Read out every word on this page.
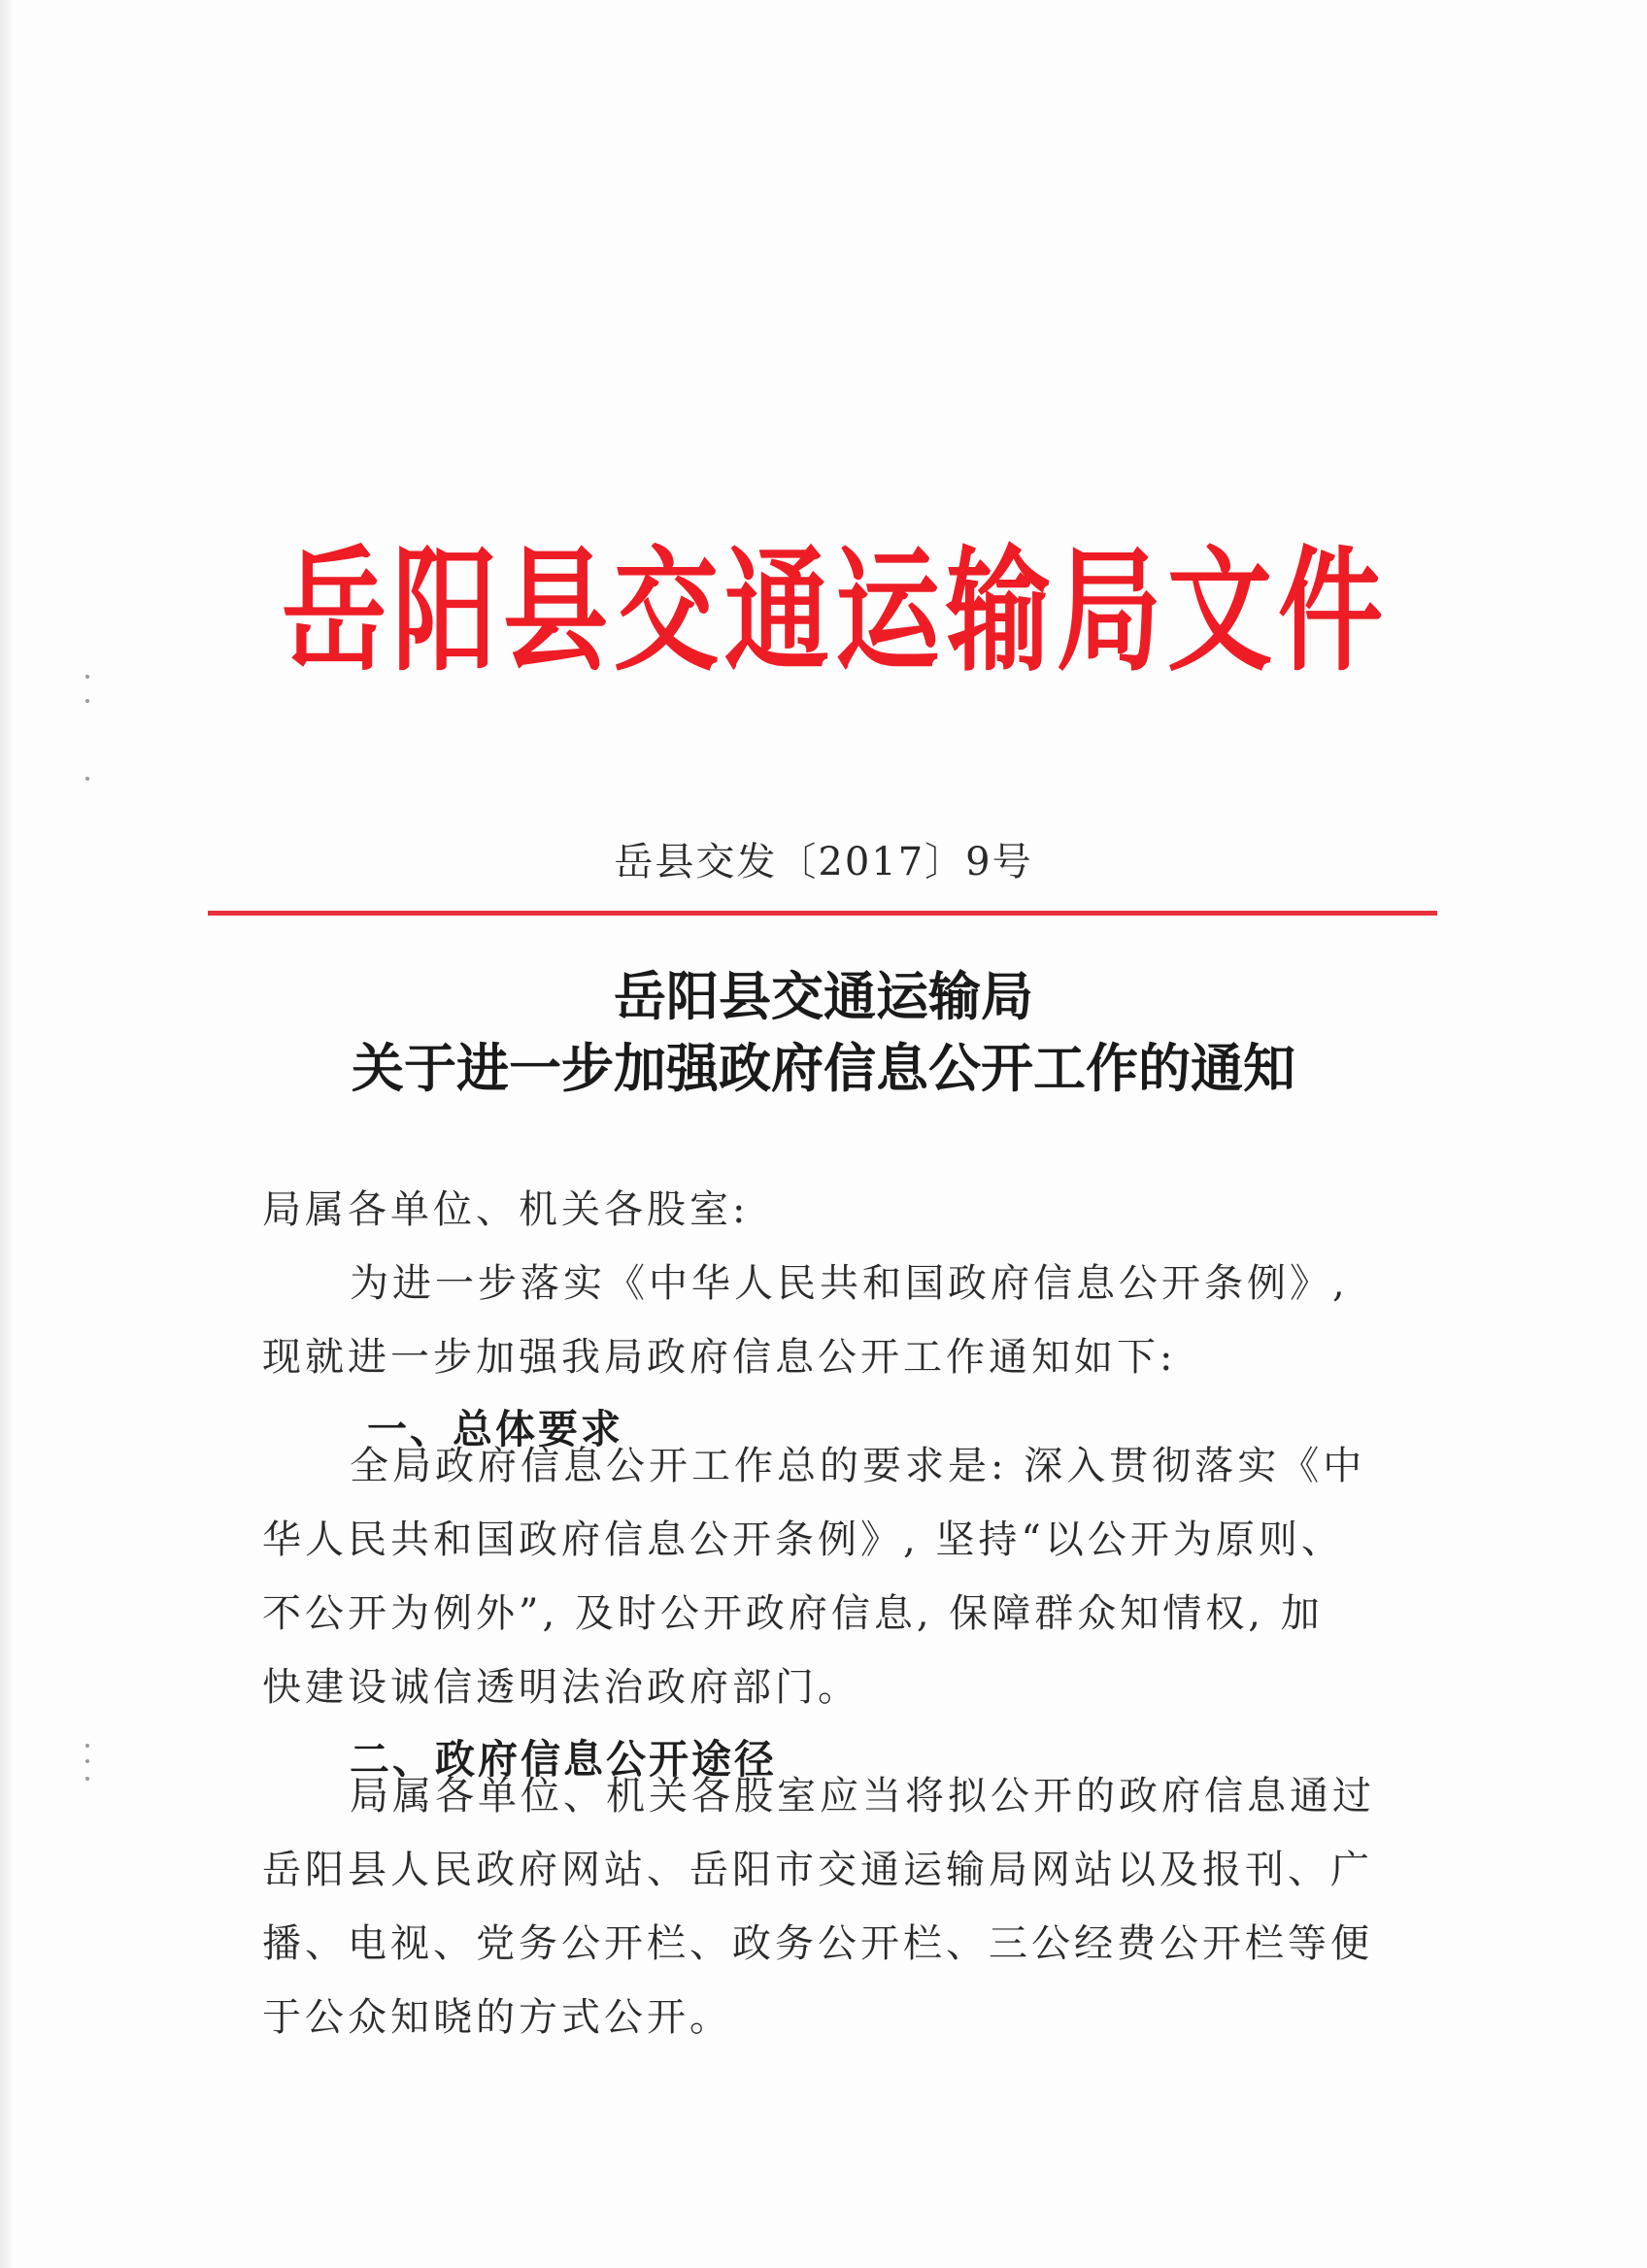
岳阳县交通运输局文件
岳县交发〔2017〕9号
岳阳县交通运输局
关于进一步加强政府信息公开工作的通知
局属各单位、机关各股室:
为进一步落实《中华人民共和国政府信息公开条例》,
现就进一步加强我局政府信息公开工作通知如下:
一、总体要求
全局政府信息公开工作总的要求是: 深入贯彻落实《中
华人民共和国政府信息公开条例》, 坚持“以公开为原则、
不公开为例外”, 及时公开政府信息, 保障群众知情权, 加
快建设诚信透明法治政府部门。
二、政府信息公开途径
局属各单位、机关各股室应当将拟公开的政府信息通过
岳阳县人民政府网站、岳阳市交通运输局网站以及报刊、广
播、电视、党务公开栏、政务公开栏、三公经费公开栏等便
于公众知晓的方式公开。
